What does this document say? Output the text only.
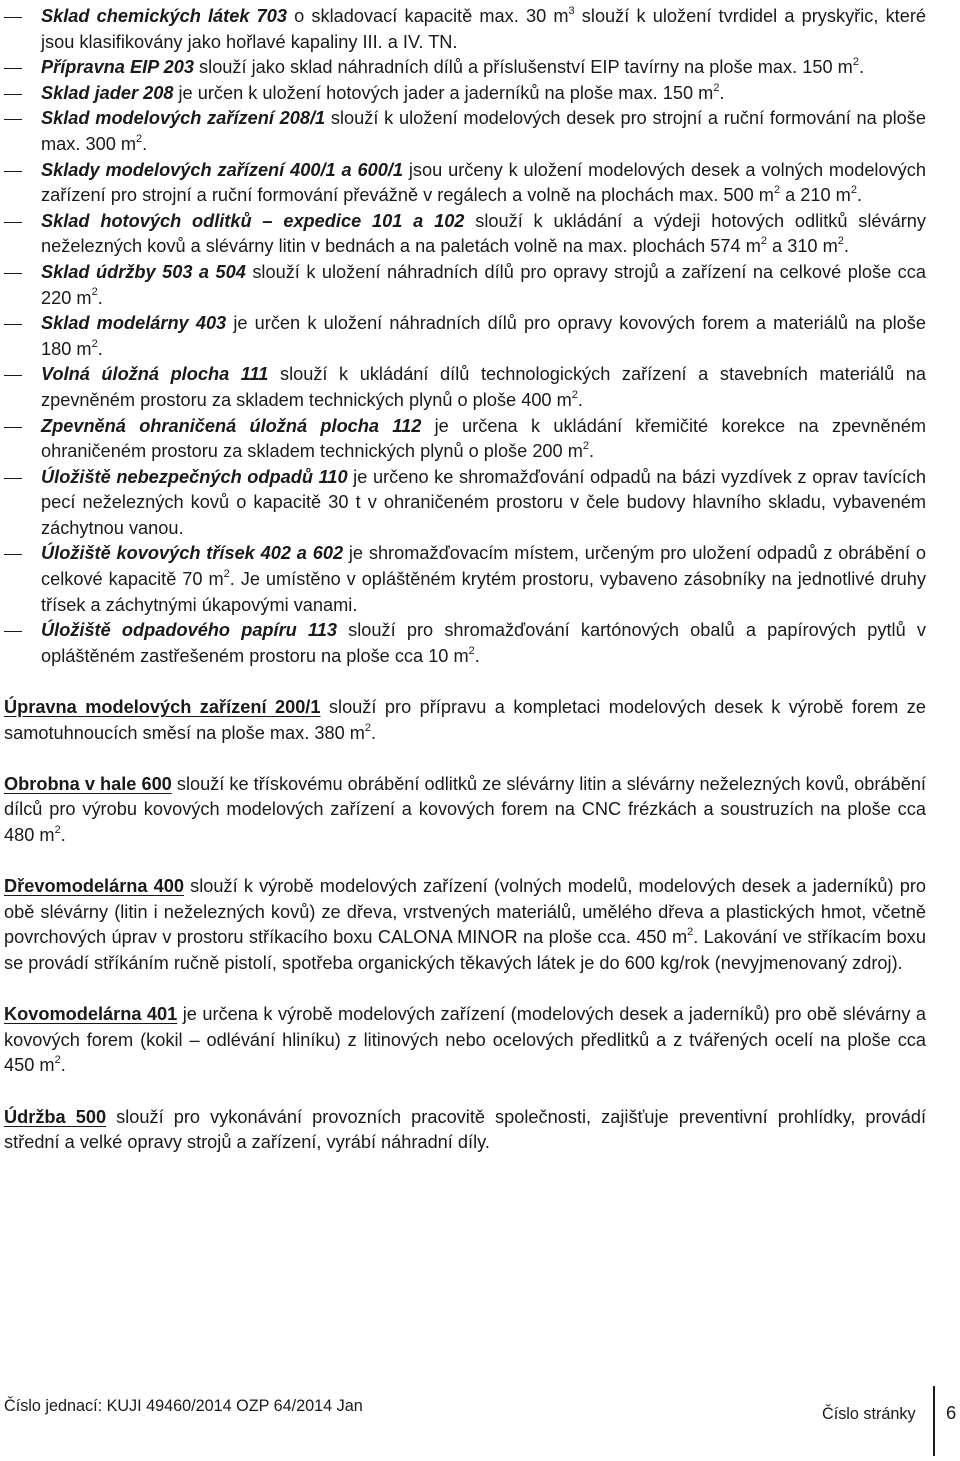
Sklad chemických látek 703 o skladovací kapacitě max. 30 $m^3$ slouží k uložení tvrdidel a pryskyřic, které jsou klasifikovány jako hořlavé kapaliny III. a IV. TN.
Přípravna EIP 203 slouží jako sklad náhradních dílů a příslušenství EIP tavírny na ploše max. 150 $m^2$.
Sklad jader 208 je určen k uložení hotových jader a jaderníků na ploše max. 150 $m^2$.
Sklad modelových zařízení 208/1 slouží k uložení modelových desek pro strojní a ruční formování na ploše max. 300 $m^2$.
Sklady modelových zařízení 400/1 a 600/1 jsou určeny k uložení modelových desek a volných modelových zařízení pro strojní a ruční formování převážně v regálech a volně na plochách max. 500 $m^2$ a 210 $m^2$.
Sklad hotových odlitků – expedice 101 a 102 slouží k ukládání a výdeji hotových odlitků slévárny neželezných kovů a slévárny litin v bednách a na paletách volně na max. plochách 574 $m^2$ a 310 $m^2$.
Sklad údržby 503 a 504 slouží k uložení náhradních dílů pro opravy strojů a zařízení na celkové ploše cca 220 $m^2$.
Sklad modelárny 403 je určen k uložení náhradních dílů pro opravy kovových forem a materiálů na ploše 180 $m^2$.
Volná úložná plocha 111 slouží k ukládání dílů technologických zařízení a stavebních materiálů na zpevněném prostoru za skladem technických plynů o ploše 400 $m^2$.
Zpevněná ohraničená úložná plocha 112 je určena k ukládání křemičité korekce na zpevněném ohraničeném prostoru za skladem technických plynů o ploše 200 $m^2$.
Úložiště nebezpečných odpadů 110 je určeno ke shromažďování odpadů na bázi vyzdívek z oprav tavících pecí neželezných kovů o kapacitě 30 t v ohraničeném prostoru v čele budovy hlavního skladu, vybaveném záchytnou vanou.
Úložiště kovových třísek 402 a 602 je shromažďovacím místem, určeným pro uložení odpadů z obrábění o celkové kapacitě 70 $m^2$. Je umístěno v opláštěném krytém prostoru, vybaveno zásobníky na jednotlivé druhy třísek a záchytnými úkapovými vanami.
Úložiště odpadového papíru 113 slouží pro shromažďování kartónových obalů a papírových pytlů v opláštěném zastřešeném prostoru na ploše cca 10 $m^2$.

Úpravna modelových zařízení 200/1 slouží pro přípravu a kompletaci modelových desek k výrobě forem ze samotuhnoucích směsí na ploše max. 380 $m^2$.

Obrobna v hale 600 slouží ke třískovému obrábění odlitků ze slévárny litin a slévárny neželezných kovů, obrábění dílců pro výrobu kovových modelových zařízení a kovových forem na CNC frézkách a soustruzích na ploše cca 480 $m^2$.

Dřevomodelárna 400 slouží k výrobě modelových zařízení (volných modelů, modelových desek a jaderníků) pro obě slévárny (litin i neželezných kovů) ze dřeva, vrstvených materiálů, umělého dřeva a plastických hmot, včetně povrchových úprav v prostoru stříkacího boxu CALONA MINOR na ploše cca. 450 $m^2$. Lakování ve stříkacím boxu se provádí stříkáním ručně pistolí, spotřeba organických těkavých látek je do 600 kg/rok (nevyjmenovaný zdroj).

Kovomodelárna 401 je určena k výrobě modelových zařízení (modelových desek a jaderníků) pro obě slévárny a kovových forem (kokil – odlévání hliníku) z litinových nebo ocelových předlitků a z tvářených ocelí na ploše cca 450 $m^2$.

Údržba 500 slouží pro vykonávání provozních pracovitě společnosti, zajišťuje preventivní prohlídky, provádí střední a velké opravy strojů a zařízení, vyrábí náhradní díly.

Číslo jednací: KUJI 49460/2014 OZP 64/2014 Jan	Číslo stránky 6
